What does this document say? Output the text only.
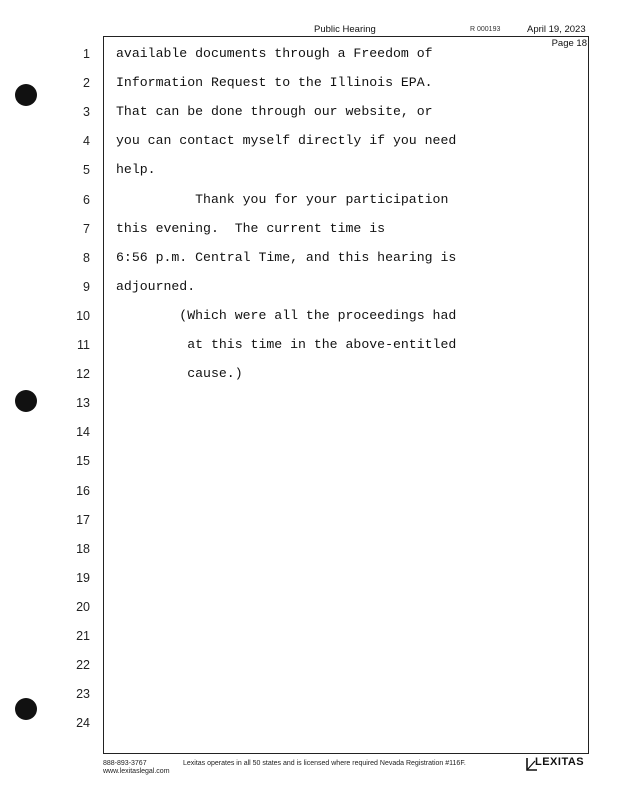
Public Hearing	R 000193	April 19, 2023
Page 18
1 available documents through a Freedom of
2 Information Request to the Illinois EPA.
3 That can be done through our website, or
4 you can contact myself directly if you need
5 help.
6 Thank you for your participation
7 this evening.  The current time is
8 6:56 p.m. Central Time, and this hearing is
9 adjourned.
10 (Which were all the proceedings had
11 at this time in the above-entitled
12 cause.)
13
14
15
16
17
18
19
20
21
22
23
24
888-893-3767
www.lexitaslegal.com
Lexitas operates in all 50 states and is licensed where required Nevada Registration #116F.	LEXITAS
